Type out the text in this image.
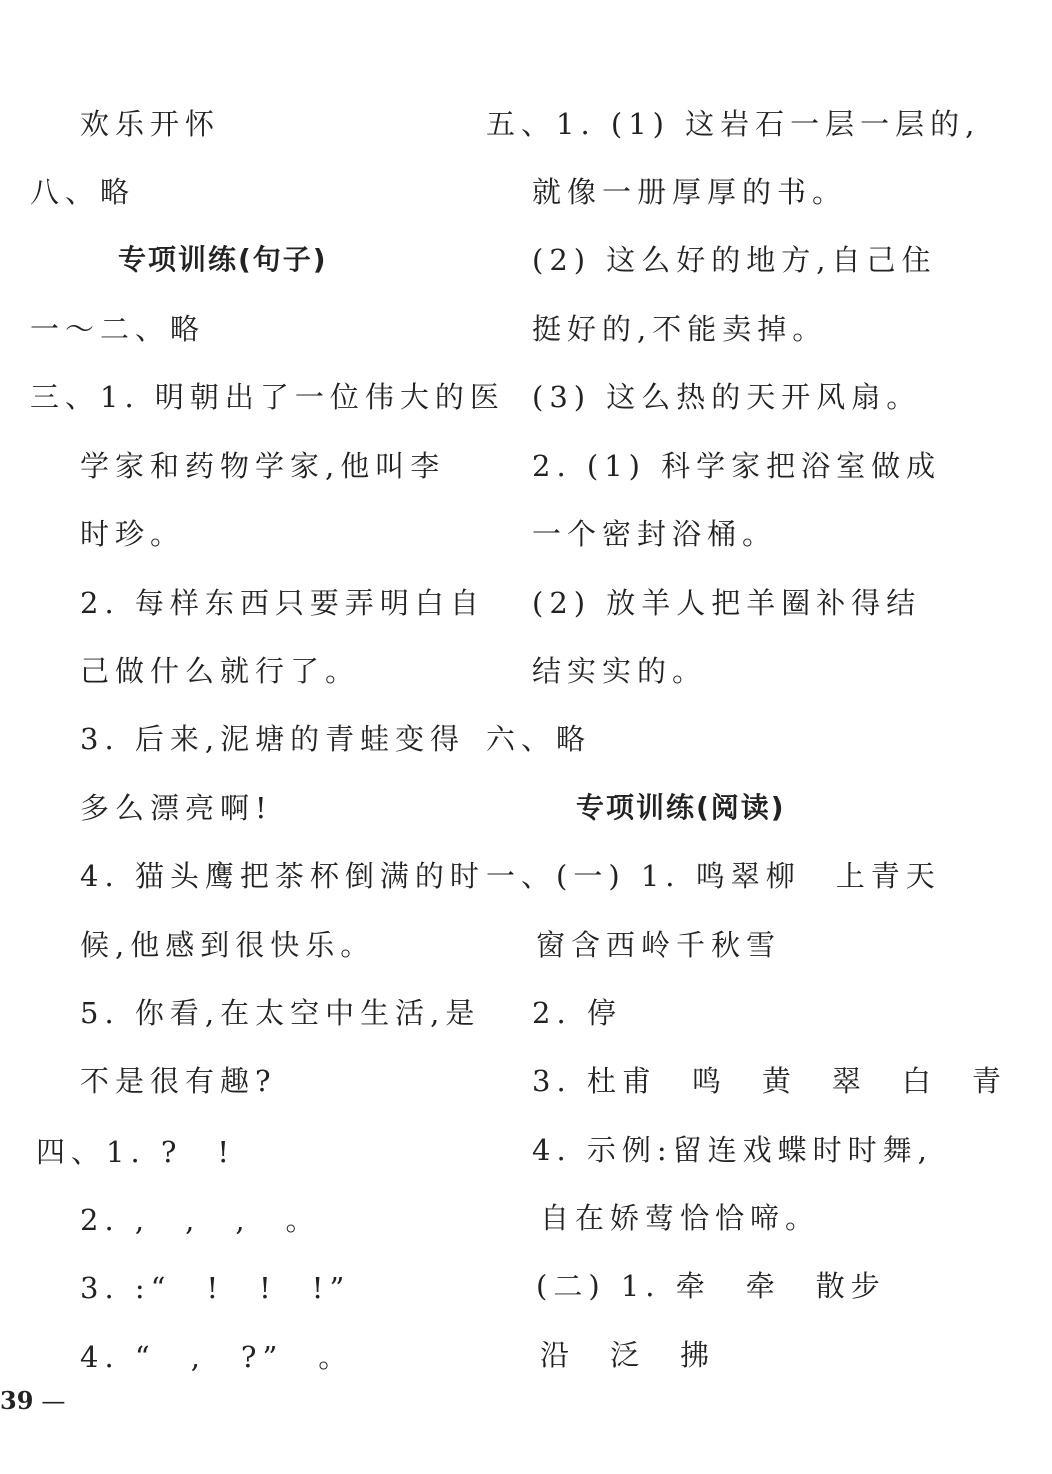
欢乐开怀
八、略
专项训练(句子)
一～二、略
三、1. 明朝出了一位伟大的医
学家和药物学家,他叫李
时珍。
2. 每样东西只要弄明白自
己做什么就行了。
3. 后来,泥塘的青蛙变得
多么漂亮啊!
4. 猫头鹰把茶杯倒满的时
候,他感到很快乐。
5. 你看,在太空中生活,是
不是很有趣?
四、1. ?　!
2. ,　,　,　。
3. :“　!　!　!”
4. “　,　?”　。
五、1. (1) 这岩石一层一层的,
就像一册厚厚的书。
(2) 这么好的地方,自己住
挺好的,不能卖掉。
(3) 这么热的天开风扇。
2. (1) 科学家把浴室做成
一个密封浴桶。
(2) 放羊人把羊圈补得结
结实实的。
六、略
专项训练(阅读)
一、(一) 1. 鸣翠柳　上青天
窗含西岭千秋雪
2. 停
3. 杜甫　鸣　黄　翠　白　青
4. 示例:留连戏蝶时时舞,
自在娇莺恰恰啼。
(二) 1. 牵　牵　散步
沿　泛　拂
39 —
